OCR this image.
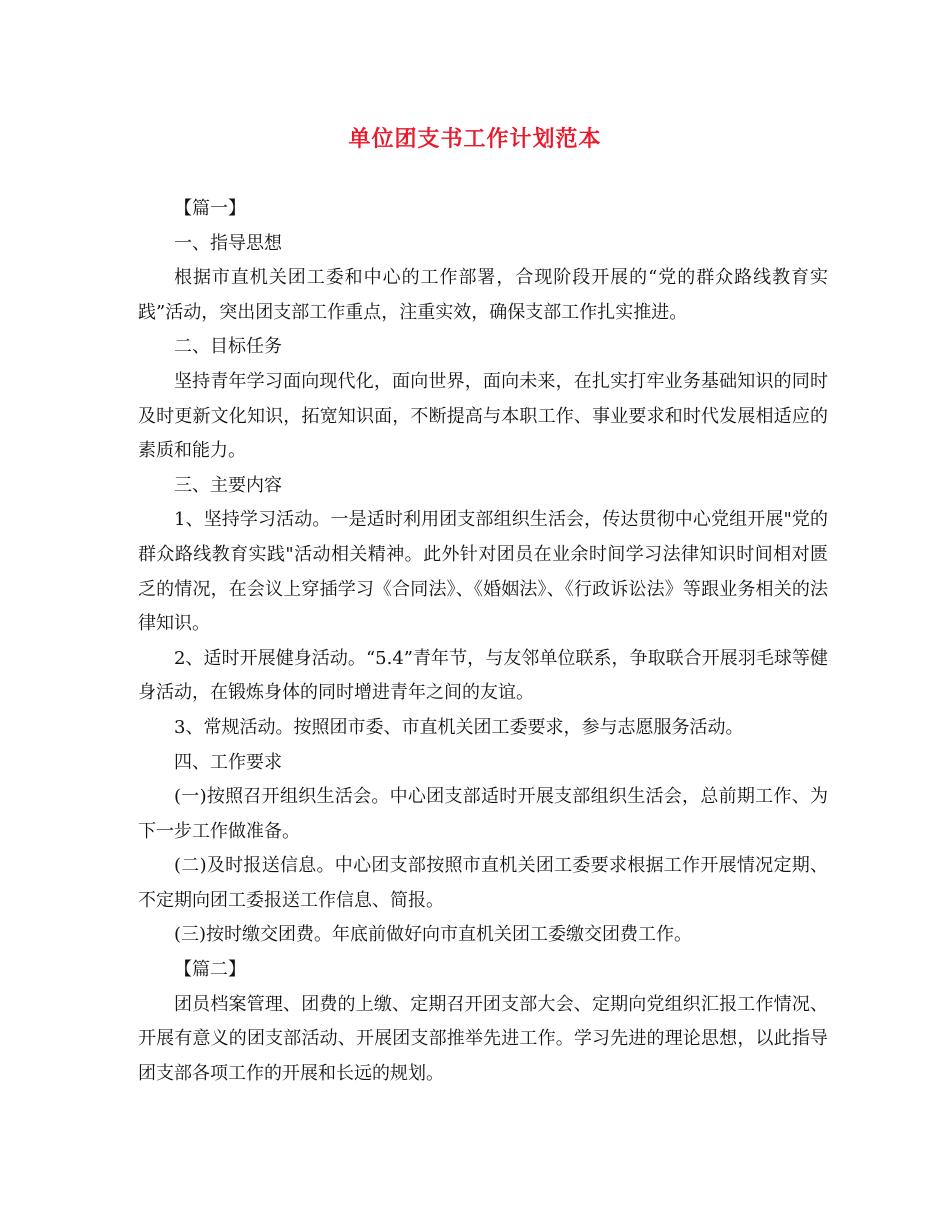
单位团支书工作计划范本

【篇一】

一、指导思想

根据市直机关团工委和中心的工作部署，合现阶段开展的“党的群众路线教育实践”活动，突出团支部工作重点，注重实效，确保支部工作扎实推进。

二、目标任务

坚持青年学习面向现代化，面向世界，面向未来，在扎实打牢业务基础知识的同时及时更新文化知识，拓宽知识面，不断提高与本职工作、事业要求和时代发展相适应的素质和能力。

三、主要内容

1、坚持学习活动。一是适时利用团支部组织生活会，传达贯彻中心党组开展"党的群众路线教育实践"活动相关精神。此外针对团员在业余时间学习法律知识时间相对匮乏的情况，在会议上穿插学习《合同法》、《婚姻法》、《行政诉讼法》等跟业务相关的法律知识。

2、适时开展健身活动。“5.4”青年节，与友邻单位联系，争取联合开展羽毛球等健身活动，在锻炼身体的同时增进青年之间的友谊。

3、常规活动。按照团市委、市直机关团工委要求，参与志愿服务活动。

四、工作要求

(一)按照召开组织生活会。中心团支部适时开展支部组织生活会，总前期工作、为下一步工作做准备。

(二)及时报送信息。中心团支部按照市直机关团工委要求根据工作开展情况定期、不定期向团工委报送工作信息、简报。

(三)按时缴交团费。年底前做好向市直机关团工委缴交团费工作。

【篇二】

团员档案管理、团费的上缴、定期召开团支部大会、定期向党组织汇报工作情况、开展有意义的团支部活动、开展团支部推举先进工作。学习先进的理论思想，以此指导团支部各项工作的开展和长远的规划。
